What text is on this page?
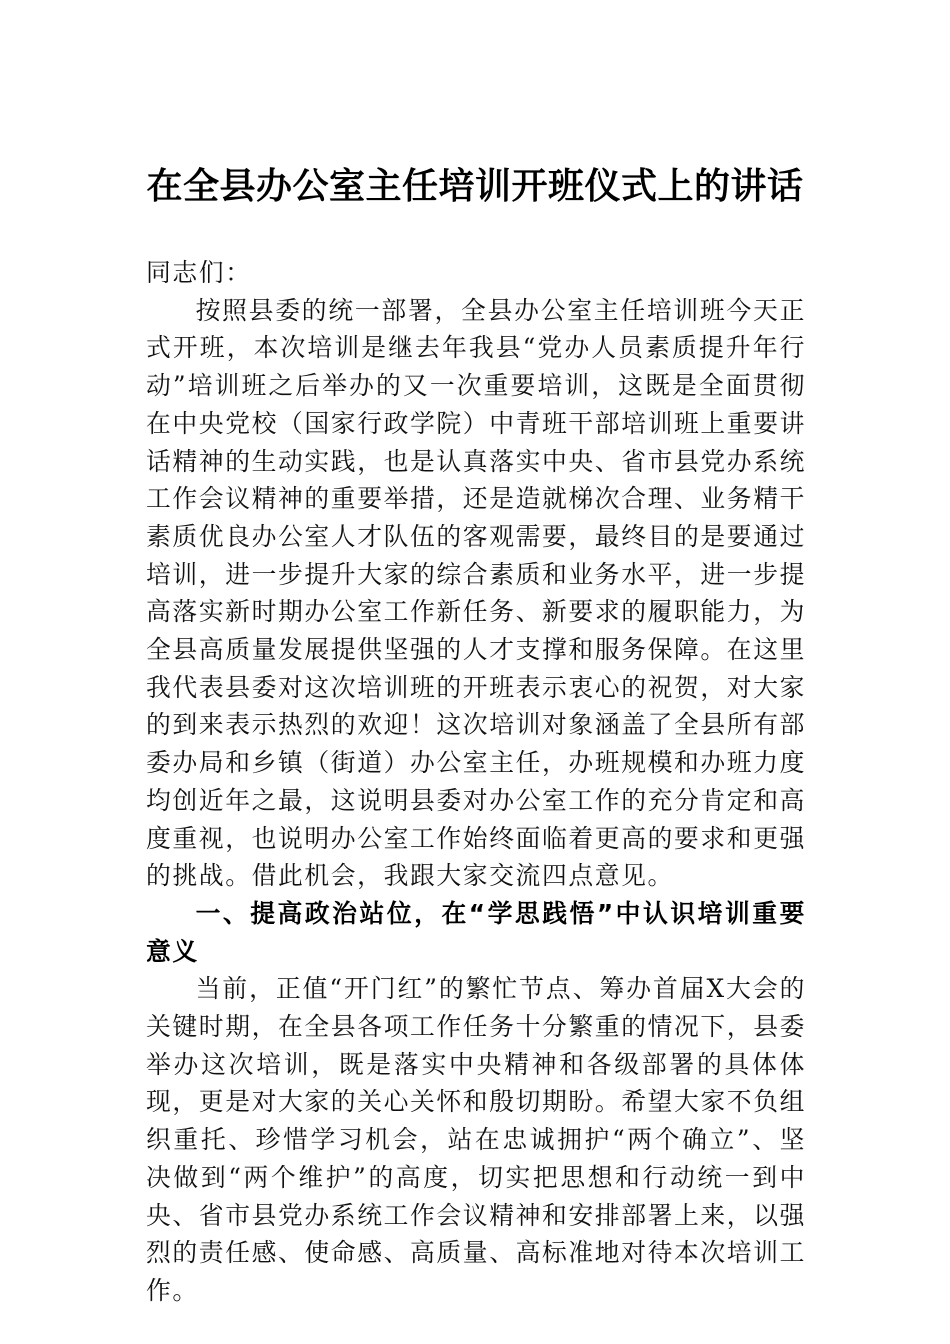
在全县办公室主任培训开班仪式上的讲话

同志们：

按照县委的统一部署，全县办公室主任培训班今天正式开班，本次培训是继去年我县“党办人员素质提升年行动”培训班之后举办的又一次重要培训，这既是全面贯彻在中央党校（国家行政学院）中青班干部培训班上重要讲话精神的生动实践，也是认真落实中央、省市县党办系统工作会议精神的重要举措，还是造就梯次合理、业务精干素质优良办公室人才队伍的客观需要，最终目的是要通过培训，进一步提升大家的综合素质和业务水平，进一步提高落实新时期办公室工作新任务、新要求的履职能力，为全县高质量发展提供坚强的人才支撑和服务保障。在这里我代表县委对这次培训班的开班表示衷心的祝贺，对大家的到来表示热烈的欢迎！这次培训对象涵盖了全县所有部委办局和乡镇（街道）办公室主任，办班规模和办班力度均创近年之最，这说明县委对办公室工作的充分肯定和高度重视，也说明办公室工作始终面临着更高的要求和更强的挑战。借此机会，我跟大家交流四点意见。

一、提高政治站位，在“学思践悟”中认识培训重要意义

当前，正值“开门红”的繁忙节点、筹办首届X大会的关键时期，在全县各项工作任务十分繁重的情况下，县委举办这次培训，既是落实中央精神和各级部署的具体体现，更是对大家的关心关怀和殷切期盼。希望大家不负组织重托、珍惜学习机会，站在忠诚拥护“两个确立”、坚决做到“两个维护”的高度，切实把思想和行动统一到中央、省市县党办系统工作会议精神和安排部署上来，以强烈的责任感、使命感、高质量、高标准地对待本次培训工作。
